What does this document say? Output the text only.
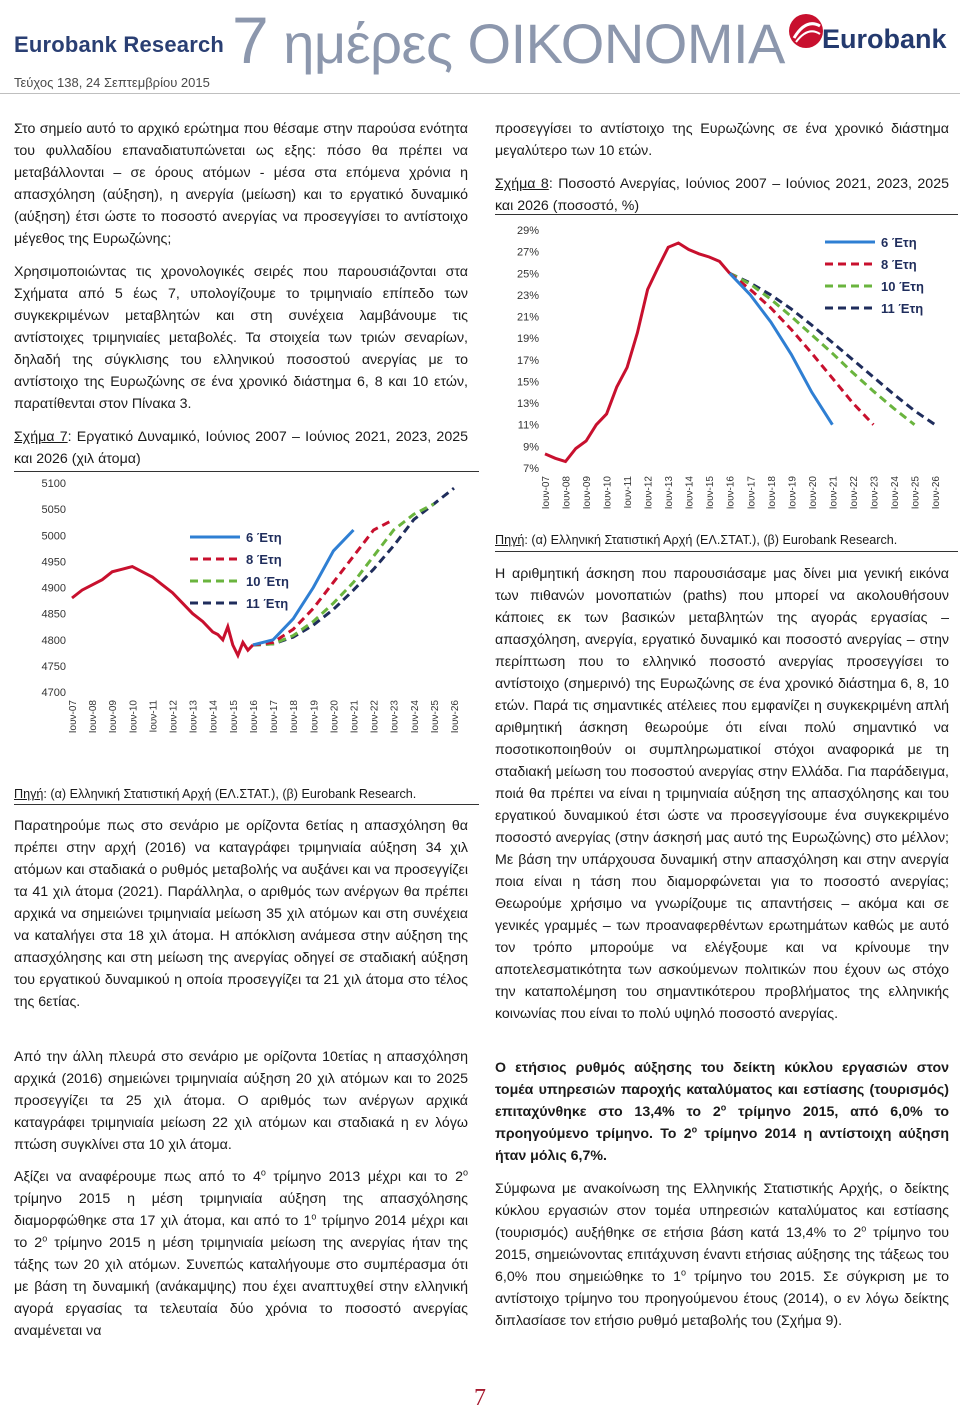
Eurobank Research 7 ημέρες ΟΙΚΟΝΟΜΙΑ Eurobank
Τεύχος 138, 24 Σεπτεμβρίου 2015

Στο σημείο αυτό το αρχικό ερώτημα που θέσαμε στην παρούσα ενότητα του φυλλαδίου επαναδιατυπώνεται ως εξης: πόσο θα πρέπει να μεταβάλλονται – σε όρους ατόμων - μέσα στα επόμενα χρόνια η απασχόληση (αύξηση), η ανεργία (μείωση) και το εργατικό δυναμικό (αύξηση) έτσι ώστε το ποσοστό ανεργίας να προσεγγίσει το αντίστοιχο μέγεθος της Ευρωζώνης;

Χρησιμοποιώντας τις χρονολογικές σειρές που παρουσιάζονται στα Σχήματα από 5 έως 7, υπολογίζουμε το τριμηνιαίο επίπεδο των συγκεκριμένων μεταβλητών και στη συνέχεια λαμβάνουμε τις αντίστοιχες τριμηνιαίες μεταβολές. Τα στοιχεία των τριών σεναρίων, δηλαδή της σύγκλισης του ελληνικού ποσοστού ανεργίας με το αντίστοιχο της Ευρωζώνης σε ένα χρονικό διάστημα 6, 8 και 10 ετών, παρατίθενται στον Πίνακα 3.

Σχήμα 7: Εργατικό Δυναμικό, Ιούνιος 2007 – Ιούνιος 2021, 2023, 2025 και 2026 (χιλ άτομα)
5100
5050
5000
4950
4900
4850
4800
4750
4700
Ιουν-07 Ιουν-08 Ιουν-09 Ιουν-10 Ιουν-11 Ιουν-12 Ιουν-13 Ιουν-14 Ιουν-15 Ιουν-16 Ιουν-17 Ιουν-18 Ιουν-19 Ιουν-20 Ιουν-21 Ιουν-22 Ιουν-23 Ιουν-24 Ιουν-25 Ιουν-26
6 Έτη
8 Έτη
10 Έτη
11 Έτη
Πηγή: (α) Ελληνική Στατιστική Αρχή (ΕΛ.ΣΤΑΤ.), (β) Eurobank Research.

Παρατηρούμε πως στο σενάριο με ορίζοντα 6ετίας η απασχόληση θα πρέπει στην αρχή (2016) να καταγράφει τριμηνιαία αύξηση 34 χιλ ατόμων και σταδιακά ο ρυθμός μεταβολής να αυξάνει και να προσεγγίζει τα 41 χιλ άτομα (2021). Παράλληλα, ο αριθμός των ανέργων θα πρέπει αρχικά να σημειώνει τριμηνιαία μείωση 35 χιλ ατόμων και στη συνέχεια να καταλήγει στα 18 χιλ άτομα. Η απόκλιση ανάμεσα στην αύξηση της απασχόλησης και στη μείωση της ανεργίας οδηγεί σε σταδιακή αύξηση του εργατικού δυναμικού η οποία προσεγγίζει τα 21 χιλ άτομα στο τέλος της 6ετίας.

Από την άλλη πλευρά στο σενάριο με ορίζοντα 10ετίας η απασχόληση αρχικά (2016) σημειώνει τριμηνιαία αύξηση 20 χιλ ατόμων και το 2025 προσεγγίζει τα 25 χιλ άτομα. Ο αριθμός των ανέργων αρχικά καταγράφει τριμηνιαία μείωση 22 χιλ ατόμων και σταδιακά η εν λόγω πτώση συγκλίνει στα 10 χιλ άτομα.

Αξίζει να αναφέρουμε πως από το $4^o$ τρίμηνο 2013 μέχρι και το $2^o$ τρίμηνο 2015 η μέση τριμηνιαία αύξηση της απασχόλησης διαμορφώθηκε στα 17 χιλ άτομα, και από το $1^o$ τρίμηνο 2014 μέχρι και το $2^o$ τρίμηνο 2015 η μέση τριμηνιαία μείωση της ανεργίας ήταν της τάξης των 20 χιλ ατόμων. Συνεπώς καταλήγουμε στο συμπέρασμα ότι με βάση τη δυναμική (ανάκαμψης) που έχει αναπτυχθεί στην ελληνική αγορά εργασίας τα τελευταία δύο χρόνια το ποσοστό ανεργίας αναμένεται να

προσεγγίσει το αντίστοιχο της Ευρωζώνης σε ένα χρονικό διάστημα μεγαλύτερο των 10 ετών.

Σχήμα 8: Ποσοστό Ανεργίας, Ιούνιος 2007 – Ιούνιος 2021, 2023, 2025 και 2026 (ποσοστό, %)
29%
27%
25%
23%
21%
19%
17%
15%
13%
11%
9%
7%
Ιουν-07 Ιουν-08 Ιουν-09 Ιουν-10 Ιουν-11 Ιουν-12 Ιουν-13 Ιουν-14 Ιουν-15 Ιουν-16 Ιουν-17 Ιουν-18 Ιουν-19 Ιουν-20 Ιουν-21 Ιουν-22 Ιουν-23 Ιουν-24 Ιουν-25 Ιουν-26
6 Έτη
8 Έτη
10 Έτη
11 Έτη
Πηγή: (α) Ελληνική Στατιστική Αρχή (ΕΛ.ΣΤΑΤ.), (β) Eurobank Research.

Η αριθμητική άσκηση που παρουσιάσαμε μας δίνει μια γενική εικόνα των πιθανών μονοπατιών (paths) που μπορεί να ακολουθήσουν κάποιες εκ των βασικών μεταβλητών της αγοράς εργασίας – απασχόληση, ανεργία, εργατικό δυναμικό και ποσοστό ανεργίας – στην περίπτωση που το ελληνικό ποσοστό ανεργίας προσεγγίσει το αντίστοιχο (σημερινό) της Ευρωζώνης σε ένα χρονικό διάστημα 6, 8, 10 ετών. Παρά τις σημαντικές ατέλειες που εμφανίζει η συγκεκριμένη απλή αριθμητική άσκηση θεωρούμε ότι είναι πολύ σημαντικό να ποσοτικοποιηθούν οι συμπληρωματικοί στόχοι αναφορικά με τη σταδιακή μείωση του ποσοστού ανεργίας στην Ελλάδα. Για παράδειγμα, ποιά θα πρέπει να είναι η τριμηνιαία αύξηση της απασχόλησης και του εργατικού δυναμικού έτσι ώστε να προσεγγίσουμε ένα συγκεκριμένο ποσοστό ανεργίας (στην άσκησή μας αυτό της Ευρωζώνης) στο μέλλον; Με βάση την υπάρχουσα δυναμική στην απασχόληση και στην ανεργία ποια είναι η τάση που διαμορφώνεται για το ποσοστό ανεργίας; Θεωρούμε χρήσιμο να γνωρίζουμε τις απαντήσεις – ακόμα και σε γενικές γραμμές – των προαναφερθέντων ερωτημάτων καθώς με αυτό τον τρόπο μπορούμε να ελέγξουμε και να κρίνουμε την αποτελεσματικότητα των ασκούμενων πολιτικών που έχουν ως στόχο την καταπολέμηση του σημαντικότερου προβλήματος της ελληνικής κοινωνίας που είναι το πολύ υψηλό ποσοστό ανεργίας.

Ο ετήσιος ρυθμός αύξησης του δείκτη κύκλου εργασιών στον τομέα υπηρεσιών παροχής καταλύματος και εστίασης (τουρισμός) επιταχύνθηκε στο 13,4% το $2^o$ τρίμηνο 2015, από 6,0% το προηγούμενο τρίμηνο. Το $2^o$ τρίμηνο 2014 η αντίστοιχη αύξηση ήταν μόλις 6,7%.

Σύμφωνα με ανακοίνωση της Ελληνικής Στατιστικής Αρχής, ο δείκτης κύκλου εργασιών στον τομέα υπηρεσιών καταλύματος και εστίασης (τουρισμός) αυξήθηκε σε ετήσια βάση κατά 13,4% το $2^o$ τρίμηνο του 2015, σημειώνοντας επιτάχυνση έναντι ετήσιας αύξησης της τάξεως του 6,0% που σημειώθηκε το $1^o$ τρίμηνο του 2015. Σε σύγκριση με το αντίστοιχο τρίμηνο του προηγούμενου έτους (2014), ο εν λόγω δείκτης διπλασίασε τον ετήσιο ρυθμό μεταβολής του (Σχήμα 9).

7
